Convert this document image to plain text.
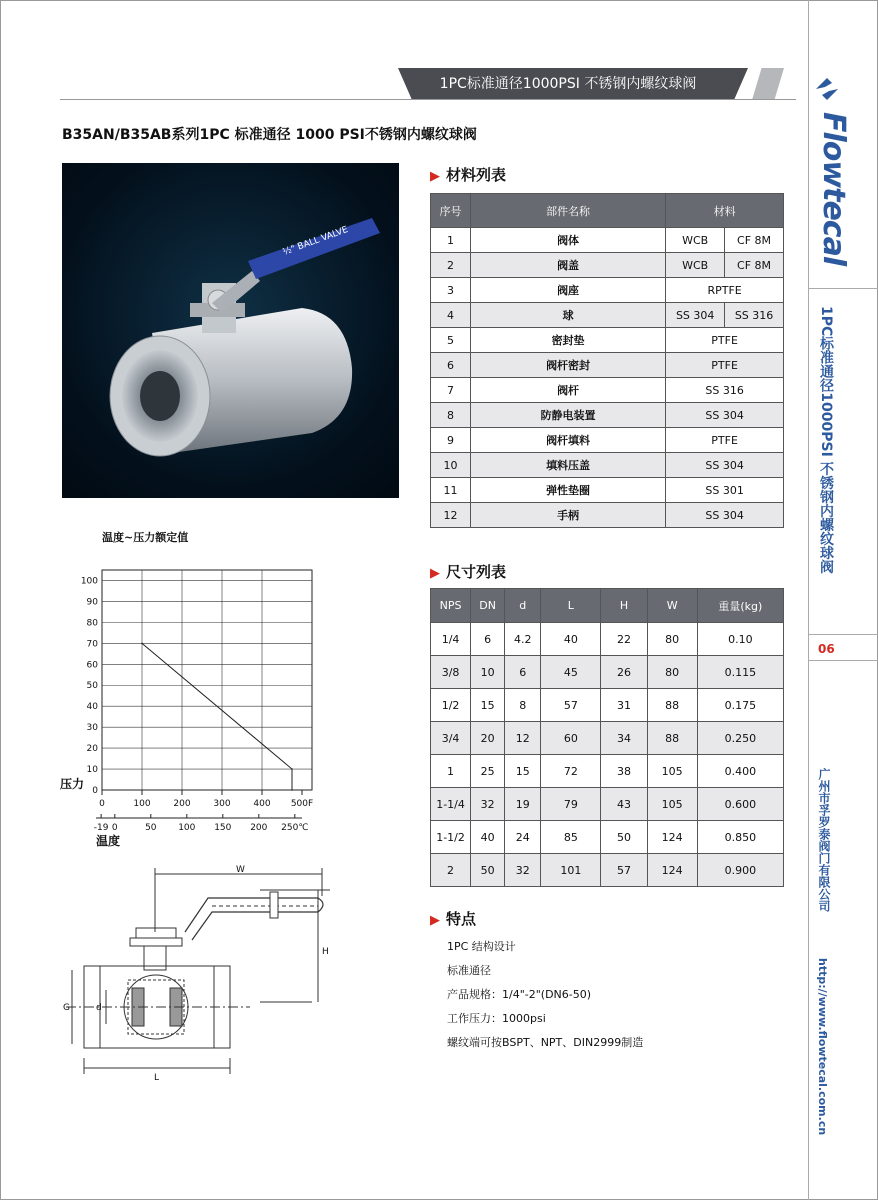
1PC标准通径1000PSI 不锈钢内螺纹球阀
B35AN/B35AB系列1PC 标准通径 1000 PSI不锈钢内螺纹球阀	Flowtecal
1PC标准通径1000PSI 不锈钢内螺纹球阀
06
广州市孚罗泰阀门有限公司
http://www.flowtecal.com.cn
½" BALL VALVE
▶ 材料列表
序号	部件名称	材料	
1	阀体	WCB	CF 8M
2	阀盖	WCB	CF 8M
3	阀座	RPTFE	
4	球	SS 304	SS 316
5	密封垫	PTFE	
6	阀杆密封	PTFE	
7	阀杆	SS 316	
8	防静电装置	SS 304	
9	阀杆填料	PTFE	
10	填料压盖	SS 304	
11	弹性垫圈	SS 301	
12	手柄	SS 304	
温度~压力额定值
100
90
80
70
60
50
40
30
20
10
0
0	100	200	300	400 500F
-19 0	50 100 150 200 250℃
压力
温度
W
H
G	d
L
▶ 尺寸列表
NPS	DN	d	L	H	W	重量(kg)
1/4	6	4.2	40	22	80	0.10
3/8	10	6	45	26	80	0.115
1/2	15	8	57	31	88	0.175
3/4	20	12	60	34	88	0.250
1	25	15	72	38	105	0.400
1-1/4	32	19	79	43	105	0.600
1-1/2	40	24	85	50	124	0.850
2	50	32	101	57	124	0.900
▶ 特点
1PC 结构设计
标准通径
产品规格：1/4"-2"(DN6-50)
工作压力：1000psi
螺纹端可按BSPT、NPT、DIN2999制造
